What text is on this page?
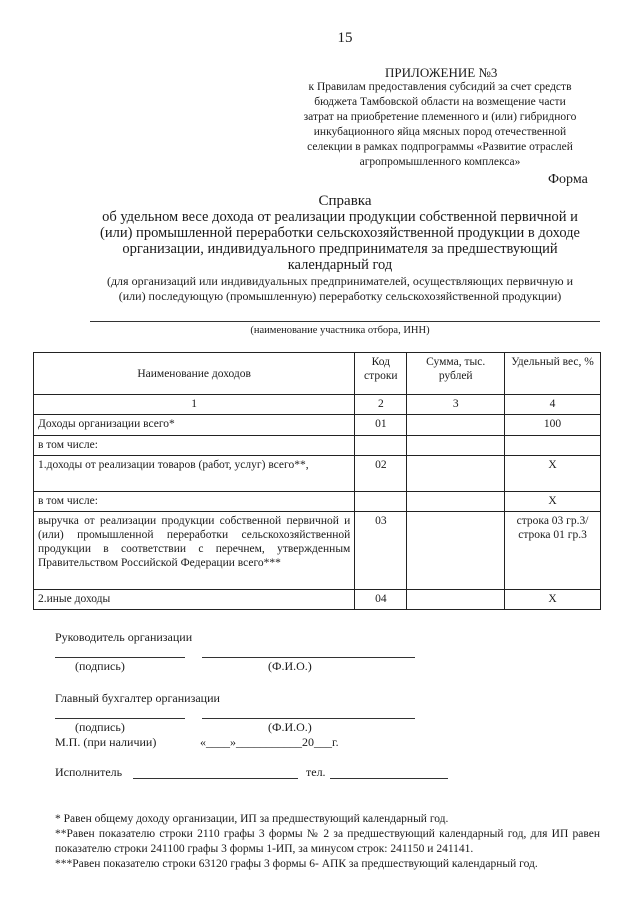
15
ПРИЛОЖЕНИЕ №3
к Правилам предоставления субсидий за счет средств
бюджета Тамбовской области на возмещение части
затрат на приобретение племенного и (или) гибридного
инкубационного яйца мясных пород отечественной
селекции в рамках подпрограммы «Развитие отраслей
агропромышленного комплекса»
Форма
Справка
об удельном весе дохода от реализации продукции собственной первичной и
(или) промышленной переработки сельскохозяйственной продукции в доходе
организации, индивидуального предпринимателя за предшествующий
календарный год
(для организаций или индивидуальных предпринимателей, осуществляющих первичную и
(или) последующую (промышленную) переработку сельскохозяйственной продукции)
(наименование участника отбора, ИНН)
Наименование доходов	Код строки	Сумма, тыс. рублей	Удельный вес, %
1	2	3	4
Доходы организации всего*	01		100
в том числе:			
1.доходы от реализации товаров (работ, услуг) всего**,	02		Х
в том числе:			Х
выручка от реализации продукции собственной первичной и (или) промышленной переработки сельскохозяйственной продукции в соответствии с перечнем, утвержденным Правительством Российской Федерации всего***	03		строка 03 гр.3/ строка 01 гр.3
2.иные доходы	04		Х
Руководитель организации
(подпись)	(Ф.И.О.)
Главный бухгалтер организации
(подпись)	(Ф.И.О.)
М.П. (при наличии)	«____»___________20___г.
Исполнитель	тел.
* Равен общему доходу организации, ИП за предшествующий календарный год.
**Равен показателю строки 2110 графы 3 формы № 2 за предшествующий календарный год, для ИП равен показателю строки 241100 графы 3 формы 1-ИП, за минусом строк: 241150 и 241141.
***Равен показателю строки 63120 графы 3 формы 6- АПК за предшествующий календарный год.
